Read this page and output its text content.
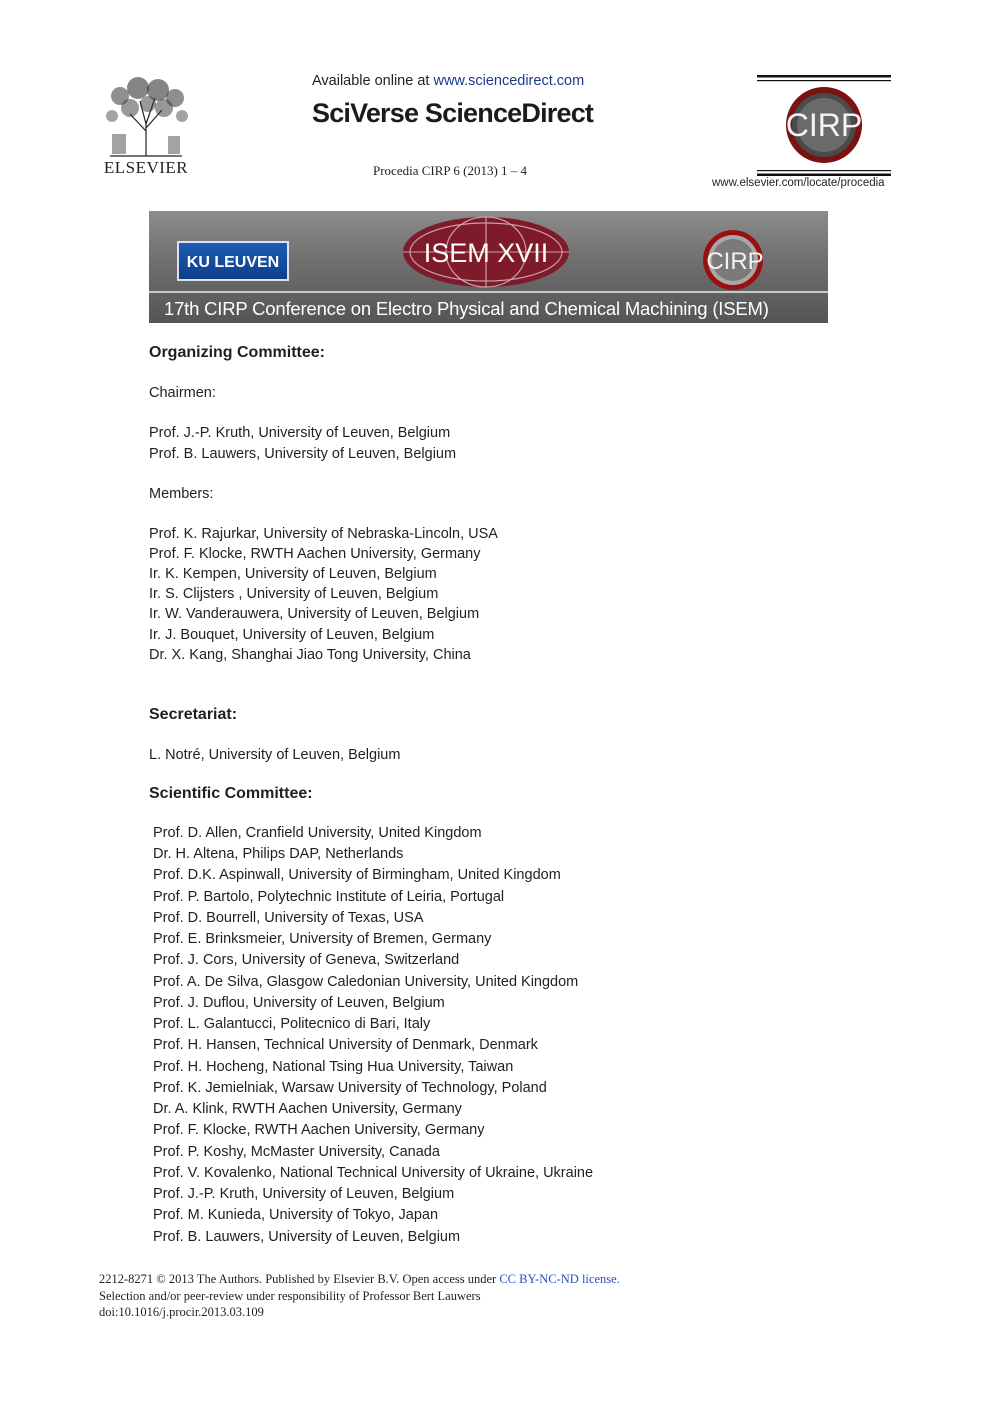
ELSEVIER
Available online at www.sciencedirect.com
SciVerse ScienceDirect
Procedia CIRP 6 (2013) 1 – 4
CIRP
www.elsevier.com/locate/procedia
KU LEUVEN	ISEM XVII	CIRP
17th CIRP Conference on Electro Physical and Chemical Machining (ISEM)
Organizing Committee:
Chairmen:
Prof. J.-P. Kruth, University of Leuven, Belgium
Prof. B. Lauwers, University of Leuven, Belgium
Members:
Prof. K. Rajurkar, University of Nebraska-Lincoln, USA
Prof. F. Klocke, RWTH Aachen University, Germany
Ir. K. Kempen, University of Leuven, Belgium
Ir. S. Clijsters , University of Leuven, Belgium
Ir. W. Vanderauwera, University of Leuven, Belgium
Ir. J. Bouquet, University of Leuven, Belgium
Dr. X. Kang, Shanghai Jiao Tong University, China
Secretariat:
L. Notré, University of Leuven, Belgium
Scientific Committee:
Prof. D. Allen, Cranfield University, United Kingdom
Dr. H. Altena, Philips DAP, Netherlands
Prof. D.K. Aspinwall, University of Birmingham, United Kingdom
Prof. P. Bartolo, Polytechnic Institute of Leiria, Portugal
Prof. D. Bourrell, University of Texas, USA
Prof. E. Brinksmeier, University of Bremen, Germany
Prof. J. Cors, University of Geneva, Switzerland
Prof. A. De Silva, Glasgow Caledonian University, United Kingdom
Prof. J. Duflou, University of Leuven, Belgium
Prof. L. Galantucci, Politecnico di Bari, Italy
Prof. H. Hansen, Technical University of Denmark, Denmark
Prof. H. Hocheng, National Tsing Hua University, Taiwan
Prof. K. Jemielniak, Warsaw University of Technology, Poland
Dr. A. Klink, RWTH Aachen University, Germany
Prof. F. Klocke, RWTH Aachen University, Germany
Prof. P. Koshy, McMaster University, Canada
Prof. V. Kovalenko, National Technical University of Ukraine, Ukraine
Prof. J.-P. Kruth, University of Leuven, Belgium
Prof. M. Kunieda, University of Tokyo, Japan
Prof. B. Lauwers, University of Leuven, Belgium
2212-8271 © 2013 The Authors. Published by Elsevier B.V. Open access under CC BY-NC-ND license.
Selection and/or peer-review under responsibility of Professor Bert Lauwers
doi:10.1016/j.procir.2013.03.109
